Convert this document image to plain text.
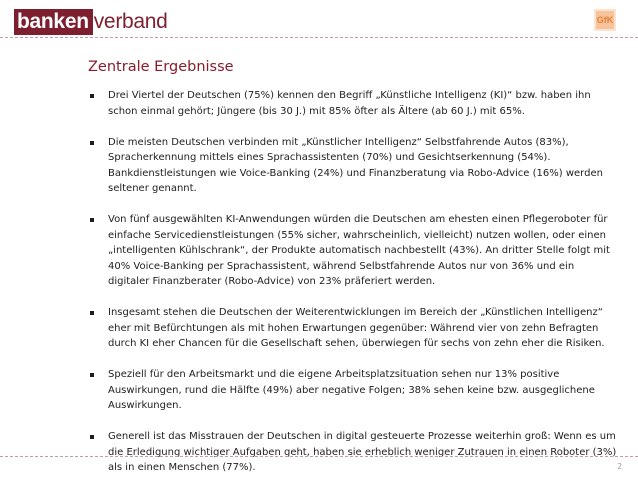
banken verband	GfK
Zentrale Ergebnisse
Drei Viertel der Deutschen (75%) kennen den Begriff „Künstliche Intelligenz (KI)“ bzw. haben ihn schon einmal gehört; Jüngere (bis 30 J.) mit 85% öfter als Ältere (ab 60 J.) mit 65%.
Die meisten Deutschen verbinden mit „Künstlicher Intelligenz“ Selbstfahrende Autos (83%), Spracherkennung mittels eines Sprachassistenten (70%) und Gesichtserkennung (54%). Bankdienstleistungen wie Voice-Banking (24%) und Finanzberatung via Robo-Advice (16%) werden seltener genannt.
Von fünf ausgewählten KI-Anwendungen würden die Deutschen am ehesten einen Pflegeroboter für einfache Servicedienstleistungen (55% sicher, wahrscheinlich, vielleicht) nutzen wollen, oder einen „intelligenten Kühlschrank“, der Produkte automatisch nachbestellt (43%). An dritter Stelle folgt mit 40% Voice-Banking per Sprachassistent, während Selbstfahrende Autos nur von 36% und ein digitaler Finanzberater (Robo-Advice) von 23% präferiert werden.
Insgesamt stehen die Deutschen der Weiterentwicklungen im Bereich der „Künstlichen Intelligenz“ eher mit Befürchtungen als mit hohen Erwartungen gegenüber: Während vier von zehn Befragten durch KI eher Chancen für die Gesellschaft sehen, überwiegen für sechs von zehn eher die Risiken.
Speziell für den Arbeitsmarkt und die eigene Arbeitsplatzsituation sehen nur 13% positive Auswirkungen, rund die Hälfte (49%) aber negative Folgen; 38% sehen keine bzw. ausgeglichene Auswirkungen.
Generell ist das Misstrauen der Deutschen in digital gesteuerte Prozesse weiterhin groß: Wenn es um die Erledigung wichtiger Aufgaben geht, haben sie erheblich weniger Zutrauen in einen Roboter (3%) als in einen Menschen (77%).	2
